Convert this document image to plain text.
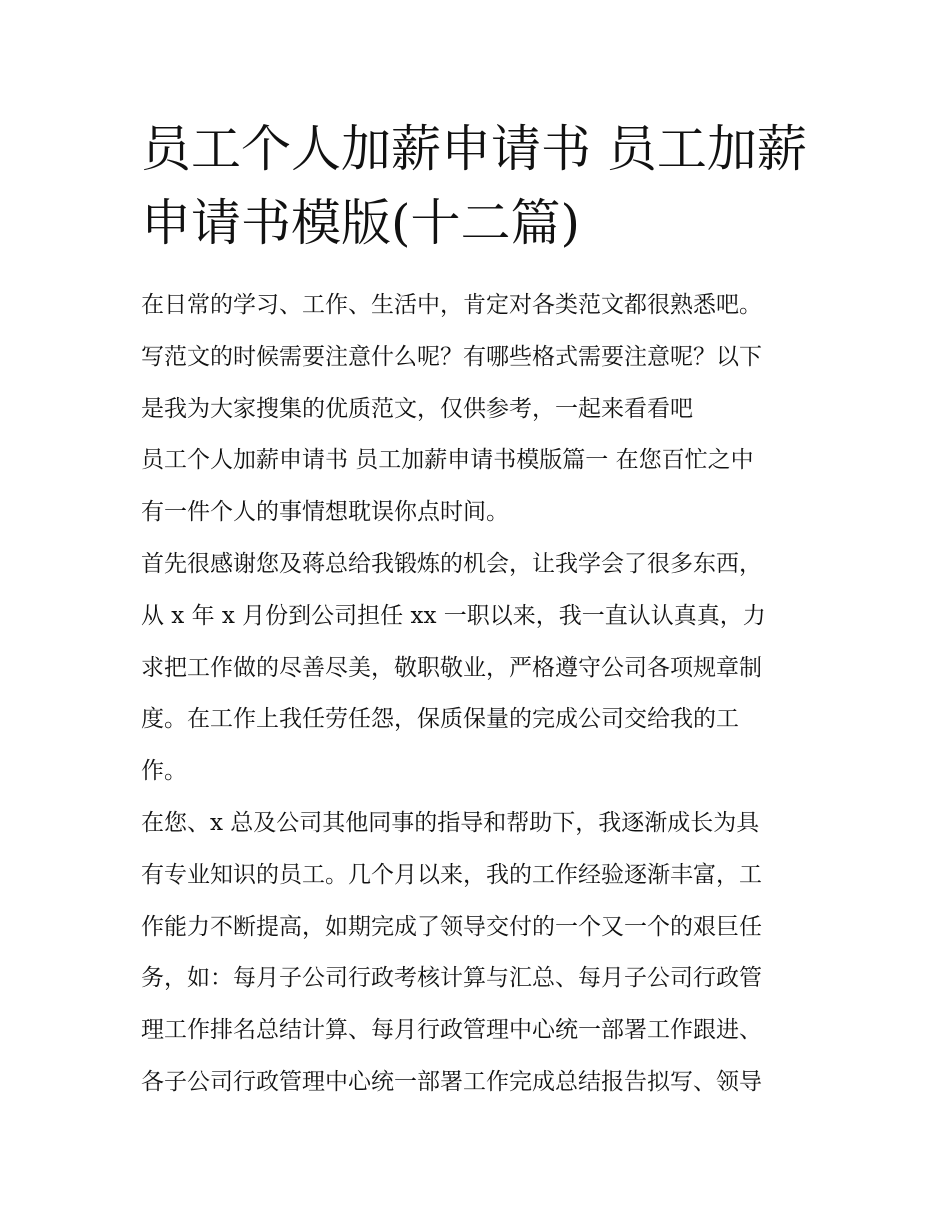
员工个人加薪申请书 员工加薪
申请书模版(十二篇)
在日常的学习、工作、生活中，肯定对各类范文都很熟悉吧。
写范文的时候需要注意什么呢？有哪些格式需要注意呢？以下
是我为大家搜集的优质范文，仅供参考，一起来看看吧
员工个人加薪申请书 员工加薪申请书模版篇一 在您百忙之中
有一件个人的事情想耽误你点时间。
首先很感谢您及蒋总给我锻炼的机会，让我学会了很多东西，
从 x 年 x 月份到公司担任 xx 一职以来，我一直认认真真，力
求把工作做的尽善尽美，敬职敬业，严格遵守公司各项规章制
度。在工作上我任劳任怨，保质保量的完成公司交给我的工
作。
在您、x 总及公司其他同事的指导和帮助下，我逐渐成长为具
有专业知识的员工。几个月以来，我的工作经验逐渐丰富，工
作能力不断提高，如期完成了领导交付的一个又一个的艰巨任
务，如：每月子公司行政考核计算与汇总、每月子公司行政管
理工作排名总结计算、每月行政管理中心统一部署工作跟进、
各子公司行政管理中心统一部署工作完成总结报告拟写、领导
